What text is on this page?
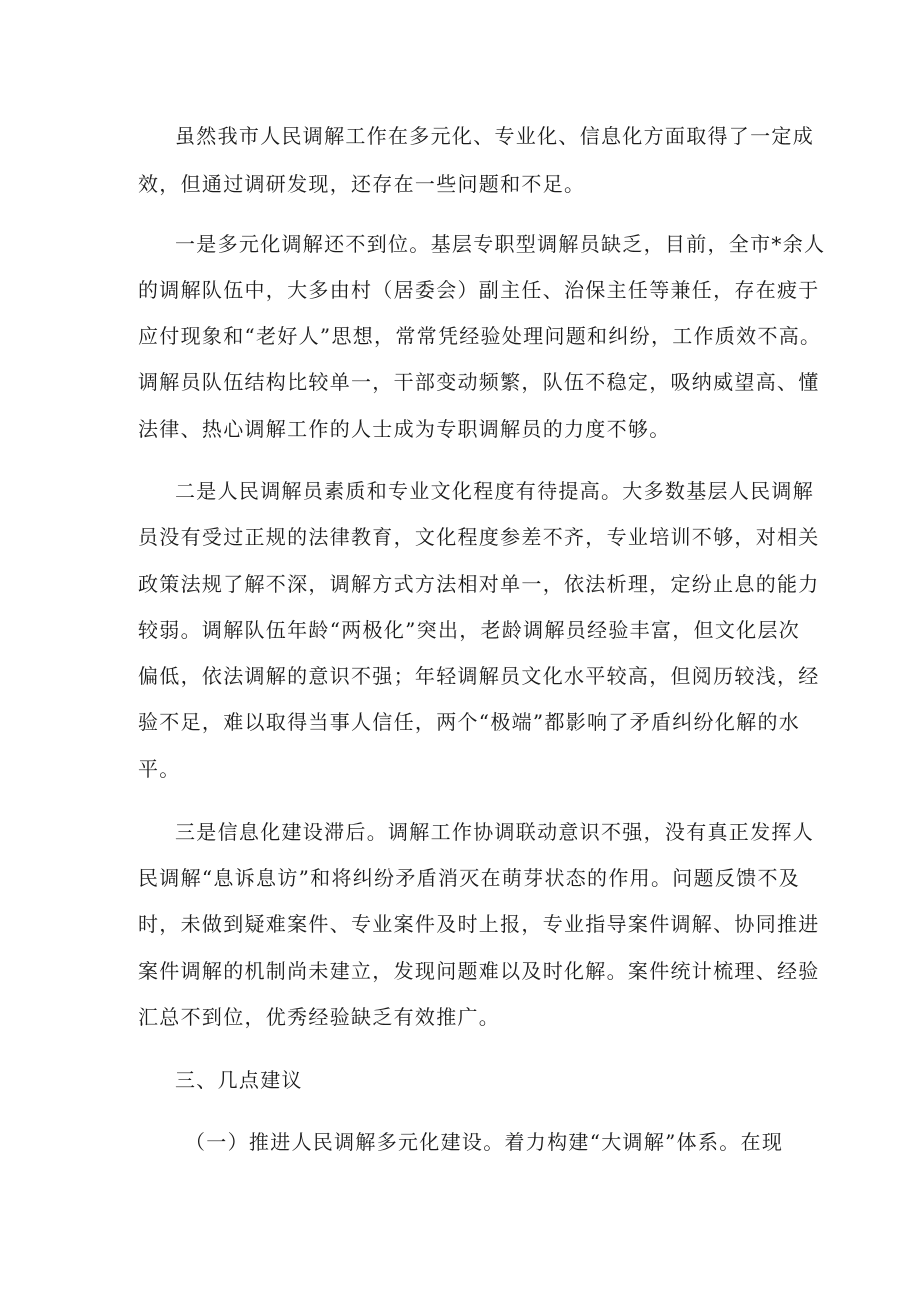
虽然我市人民调解工作在多元化、专业化、信息化方面取得了一定成
效，但通过调研发现，还存在一些问题和不足。
一是多元化调解还不到位。基层专职型调解员缺乏，目前，全市*余人
的调解队伍中，大多由村（居委会）副主任、治保主任等兼任，存在疲于
应付现象和“老好人”思想，常常凭经验处理问题和纠纷，工作质效不高。
调解员队伍结构比较单一，干部变动频繁，队伍不稳定，吸纳威望高、懂
法律、热心调解工作的人士成为专职调解员的力度不够。
二是人民调解员素质和专业文化程度有待提高。大多数基层人民调解
员没有受过正规的法律教育，文化程度参差不齐，专业培训不够，对相关
政策法规了解不深，调解方式方法相对单一，依法析理，定纷止息的能力
较弱。调解队伍年龄“两极化”突出，老龄调解员经验丰富，但文化层次
偏低，依法调解的意识不强；年轻调解员文化水平较高，但阅历较浅，经
验不足，难以取得当事人信任，两个“极端”都影响了矛盾纠纷化解的水
平。
三是信息化建设滞后。调解工作协调联动意识不强，没有真正发挥人
民调解“息诉息访”和将纠纷矛盾消灭在萌芽状态的作用。问题反馈不及
时，未做到疑难案件、专业案件及时上报，专业指导案件调解、协同推进
案件调解的机制尚未建立，发现问题难以及时化解。案件统计梳理、经验
汇总不到位，优秀经验缺乏有效推广。
三、几点建议
（一）推进人民调解多元化建设。着力构建“大调解”体系。在现
